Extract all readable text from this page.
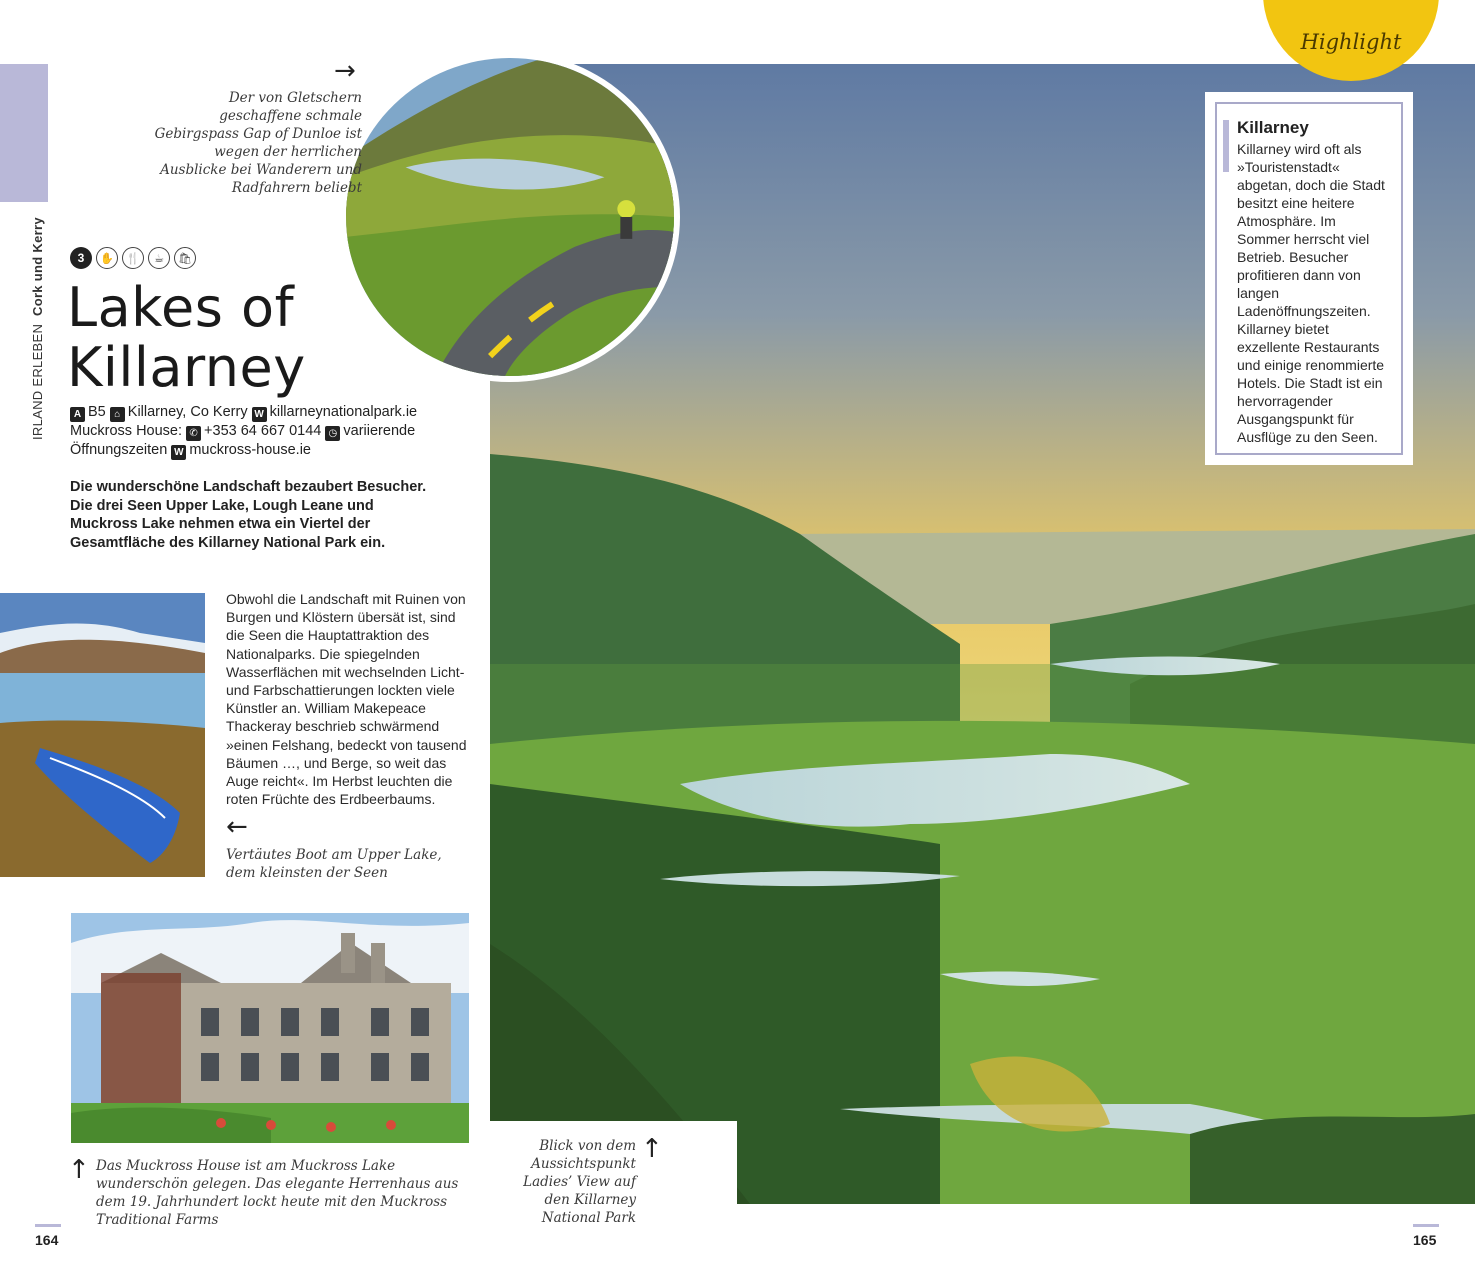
IRLAND ERLEBEN  Cork und Kerry
→
Der von Gletschern geschaffene schmale Gebirgspass Gap of Dunloe ist wegen der herrlichen Ausblicke bei Wanderern und Radfahrern beliebt
3	✋	🍴	☕	🛍
Lakes of
Killarney
A B5 ⌂ Killarney, Co Kerry W killarneynationalpark.ie
Muckross House: ✆ +353 64 667 0144 ◷ variierende Öffnungszeiten W muckross-house.ie
Die wunderschöne Landschaft bezaubert Besucher. Die drei Seen Upper Lake, Lough Leane und Muckross Lake nehmen etwa ein Viertel der Gesamtfläche des Killarney National Park ein.
Obwohl die Landschaft mit Ruinen von Burgen und Klöstern übersät ist, sind die Seen die Hauptattraktion des Nationalparks. Die spiegelnden Wasserflächen mit wechselnden Licht- und Farbschattierungen lockten viele Künstler an. William Makepeace Thackeray beschrieb schwärmend »einen Felshang, bedeckt von tausend Bäumen …, und Berge, so weit das Auge reicht«. Im Herbst leuchten die roten Früchte des Erdbeerbaums.
←
Vertäutes Boot am Upper Lake, dem kleinsten der Seen
↑ Das Muckross House ist am Muckross Lake wunderschön gelegen. Das elegante Herrenhaus aus dem 19. Jahrhundert lockt heute mit den Muckross Traditional Farms
Blick von dem Aussichtspunkt Ladies’ View auf den Killarney National Park
↑
Highlight
Killarney
Killarney wird oft als »Touristenstadt« abgetan, doch die Stadt besitzt eine heitere Atmosphäre. Im Sommer herrscht viel Betrieb. Besucher profitieren dann von langen Ladenöffnungszeiten. Killarney bietet exzellente Restaurants und einige renommierte Hotels. Die Stadt ist ein hervorragender Ausgangspunkt für Ausflüge zu den Seen.
164	165
